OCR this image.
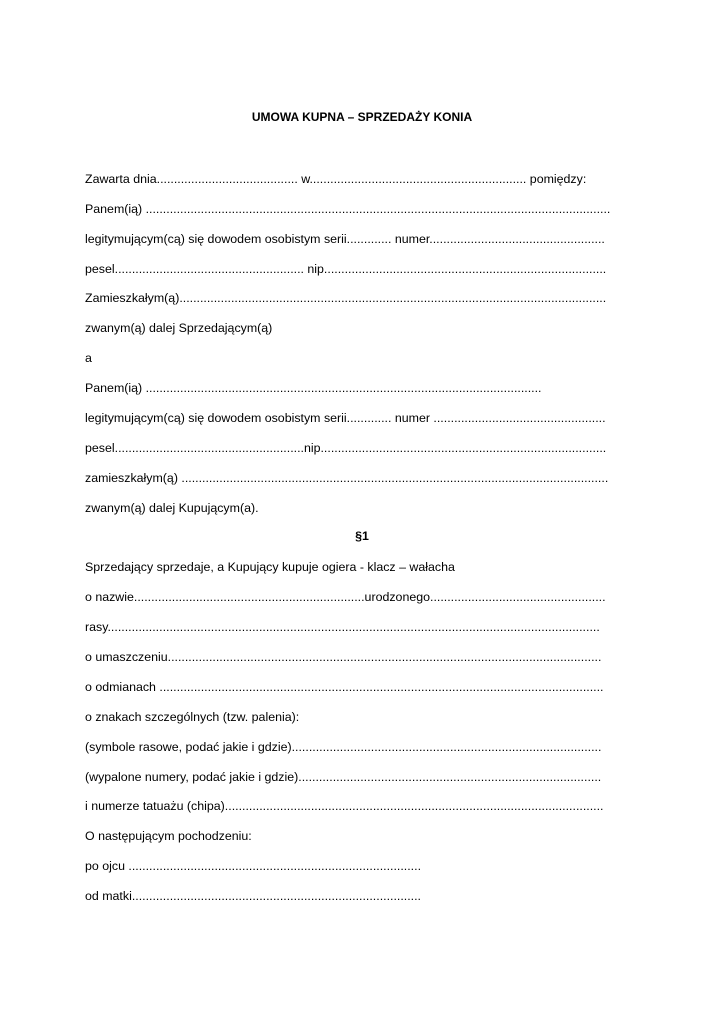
UMOWA KUPNA – SPRZEDAŻY KONIA
Zawarta dnia......................................... w............................................................... pomiędzy:
Panem(ią) .......................................................................................................................................
legitymującym(cą) się dowodem osobistym serii............. numer...................................................
pesel....................................................... nip..................................................................................
Zamieszkałym(ą)............................................................................................................................
zwanym(ą) dalej Sprzedającym(ą)
a
Panem(ią) ...................................................................................................................
legitymującym(cą) się dowodem osobistym serii............. numer ..................................................
pesel.......................................................nip...................................................................................
zamieszkałym(ą) ............................................................................................................................
zwanym(ą) dalej Kupującym(a).
§1
Sprzedający sprzedaje, a Kupujący kupuje ogiera - klacz – wałacha
o nazwie...................................................................urodzonego...................................................
rasy...............................................................................................................................................
o umaszczeniu..............................................................................................................................
o odmianach .................................................................................................................................
o znakach szczególnych (tzw. palenia):
(symbole rasowe, podać jakie i gdzie)..........................................................................................
(wypalone numery, podać jakie i gdzie)........................................................................................
i numerze tatuażu (chipa)..............................................................................................................
O następującym pochodzeniu:
po ojcu .....................................................................................
od matki....................................................................................
